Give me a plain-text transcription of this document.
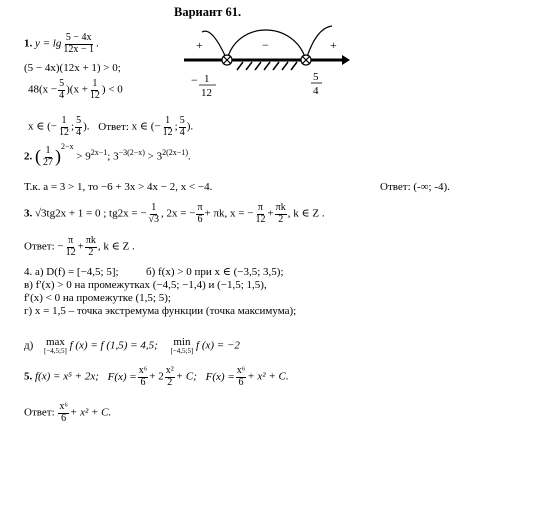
Вариант 61.
1. $y = \lg \frac{5 - 4x}{12x - 1}$ .
(5 − 4x)(12x + 1) > 0;
$48(x - \frac{5}{4} )(x + \frac{1}{12}$ ) < 0
x ∈ (− $\frac{1}{12}$ ; $\frac{5}{4}$ ). Ответ: x ∈ (− $\frac{1}{12}$ ; $\frac{5}{4}$ ).
+	−	+
− 1
12
5
4
2. ( $\frac{1}{27} )^{2-x} > 9^{2x-1}$; $3^{-3(2-x)} > 3^{2(2x-1)}$.
Т.к. a = 3 > 1, то −6 + 3x > 4x − 2, x < −4.	Ответ: (-∞; -4).
3. √3tg2x + 1 = 0 ; tg2x = − $\frac{1}{√3}$ , 2x = − $\frac{\pi}{6} + \pi k$, x = − $\frac{\pi}{12} + \frac{\pi k}{2}$ , k ∈ Z .
Ответ: − $\frac{\pi}{12} + \frac{\pi k}{2}$ , k ∈ Z .
4. а) D(f) = [−4,5; 5]; б) f(x) > 0 при x ∈ (−3,5; 3,5);
в) f′(x) > 0 на промежутках (−4,5; −1,4) и (−1,5; 1,5),
f′(x) < 0 на промежутке (1,5; 5);
г) x = 1,5 – точка экстремума функции (точка максимума);
д) max
[−4,5;5] f (x) = f (1,5) = 4,5; min
[−4,5;5] f (x) = −2
5. f(x) = x⁵ + 2x; $F(x) = \frac{\text{x⁶}}{6} + 2 \frac{\text{x²}}{2} + C$; $F(x) = \frac{\text{x⁶}}{6} + x^2 + C$.
Ответ: $\frac{\text{x⁶}}{6} + x^2 + C$.
